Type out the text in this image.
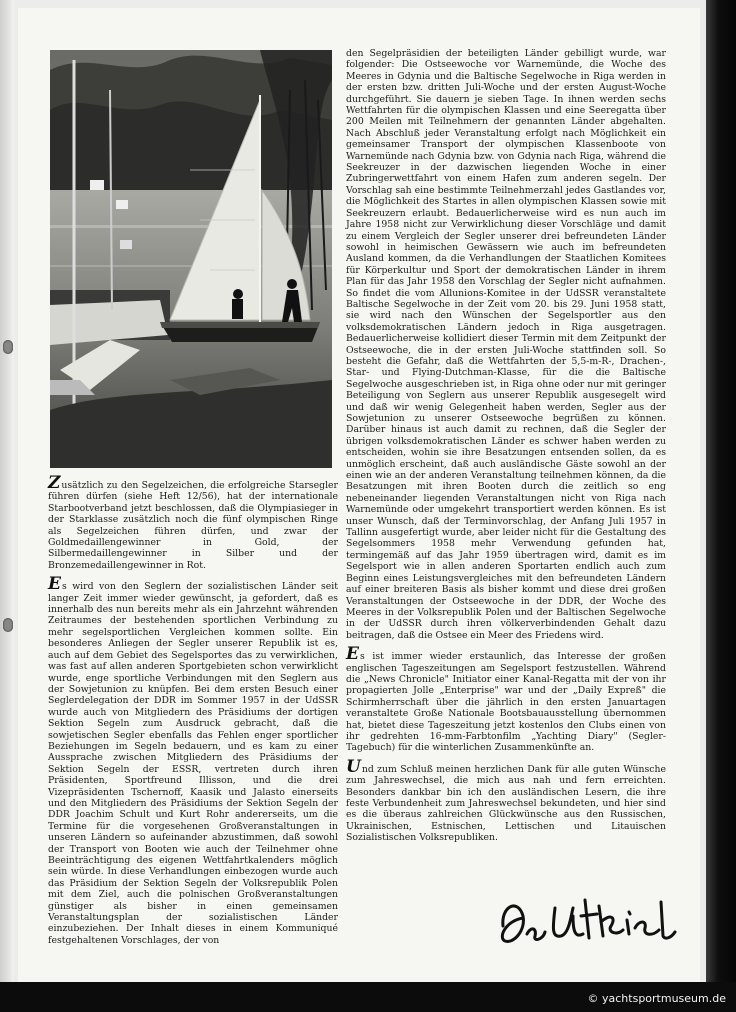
Zusätzlich zu den Segelzeichen, die erfolgreiche Starsegler führen dürfen (siehe Heft 12/56), hat der internationale Starbootverband jetzt beschlossen, daß die Olympiasieger in der Starklasse zusätzlich noch die fünf olympischen Ringe als Segelzeichen führen dürfen, und zwar der Goldmedaillengewinner in Gold, der Silbermedaillengewinner in Silber und der Bronzemedaillengewinner in Rot.

Es wird von den Seglern der sozialistischen Länder seit langer Zeit immer wieder gewünscht, ja gefordert, daß es innerhalb des nun bereits mehr als ein Jahrzehnt währenden Zeitraumes der bestehenden sportlichen Verbindung zu mehr segelsportlichen Vergleichen kommen sollte. Ein besonderes Anliegen der Segler unserer Republik ist es, auch auf dem Gebiet des Segelsportes das zu verwirklichen, was fast auf allen anderen Sportgebieten schon verwirklicht wurde, enge sportliche Verbindungen mit den Seglern aus der Sowjetunion zu knüpfen. Bei dem ersten Besuch einer Seglerdelegation der DDR im Sommer 1957 in der UdSSR wurde auch von Mitgliedern des Präsidiums der dortigen Sektion Segeln zum Ausdruck gebracht, daß die sowjetischen Segler ebenfalls das Fehlen enger sportlicher Beziehungen im Segeln bedauern, und es kam zu einer Aussprache zwischen Mitgliedern des Präsidiums der Sektion Segeln der ESSR, vertreten durch ihren Präsidenten, Sportfreund Illisson, und die drei Vizepräsidenten Tschernoff, Kaasik und Jalasto einerseits und den Mitgliedern des Präsidiums der Sektion Segeln der DDR Joachim Schult und Kurt Rohr andererseits, um die Termine für die vorgesehenen Großveranstaltungen in unseren Ländern so aufeinander abzustimmen, daß sowohl der Transport von Booten wie auch der Teilnehmer ohne Beeinträchtigung des eigenen Wettfahrtkalenders möglich sein würde. In diese Verhandlungen einbezogen wurde auch das Präsidium der Sektion Segeln der Volksrepublik Polen mit dem Ziel, auch die polnischen Großveranstaltungen günstiger als bisher in einen gemeinsamen Veranstaltungsplan der sozialistischen Länder einzubeziehen. Der Inhalt dieses in einem Kommuniqué festgehaltenen Vorschlages, der von

den Segelpräsidien der beteiligten Länder gebilligt wurde, war folgender: Die Ostseewoche vor Warnemünde, die Woche des Meeres in Gdynia und die Baltische Segelwoche in Riga werden in der ersten bzw. dritten Juli-Woche und der ersten August-Woche durchgeführt. Sie dauern je sieben Tage. In ihnen werden sechs Wettfahrten für die olympischen Klassen und eine Seeregatta über 200 Meilen mit Teilnehmern der genannten Länder abgehalten. Nach Abschluß jeder Veranstaltung erfolgt nach Möglichkeit ein gemeinsamer Transport der olympischen Klassenboote von Warnemünde nach Gdynia bzw. von Gdynia nach Riga, während die Seekreuzer in der dazwischen liegenden Woche in einer Zubringerwettfahrt von einem Hafen zum anderen segeln. Der Vorschlag sah eine bestimmte Teilnehmerzahl jedes Gastlandes vor, die Möglichkeit des Startes in allen olympischen Klassen sowie mit Seekreuzern erlaubt. Bedauerlicherweise wird es nun auch im Jahre 1958 nicht zur Verwirklichung dieser Vorschläge und damit zu einem Vergleich der Segler unserer drei befreundeten Länder sowohl in heimischen Gewässern wie auch im befreundeten Ausland kommen, da die Verhandlungen der Staatlichen Komitees für Körperkultur und Sport der demokratischen Länder in ihrem Plan für das Jahr 1958 den Vorschlag der Segler nicht aufnahmen. So findet die vom Allunions-Komitee in der UdSSR veranstaltete Baltische Segelwoche in der Zeit vom 20. bis 29. Juni 1958 statt, sie wird nach den Wünschen der Segelsportler aus den volksdemokratischen Ländern jedoch in Riga ausgetragen. Bedauerlicherweise kollidiert dieser Termin mit dem Zeitpunkt der Ostseewoche, die in der ersten Juli-Woche stattfinden soll. So besteht die Gefahr, daß die Wettfahrten der 5,5-m-R-, Drachen-, Star- und Flying-Dutchman-Klasse, für die die Baltische Segelwoche ausgeschrieben ist, in Riga ohne oder nur mit geringer Beteiligung von Seglern aus unserer Republik ausgesegelt wird und daß wir wenig Gelegenheit haben werden, Segler aus der Sowjetunion zu unserer Ostseewoche begrüßen zu können. Darüber hinaus ist auch damit zu rechnen, daß die Segler der übrigen volksdemokratischen Länder es schwer haben werden zu entscheiden, wohin sie ihre Besatzungen entsenden sollen, da es unmöglich erscheint, daß auch ausländische Gäste sowohl an der einen wie an der anderen Veranstaltung teilnehmen können, da die Besatzungen mit ihren Booten durch die zeitlich so eng nebeneinander liegenden Veranstaltungen nicht von Riga nach Warnemünde oder umgekehrt transportiert werden können. Es ist unser Wunsch, daß der Terminvorschlag, der Anfang Juli 1957 in Tallinn ausgefertigt wurde, aber leider nicht für die Gestaltung des Segelsommers 1958 mehr Verwendung gefunden hat, termingemäß auf das Jahr 1959 übertragen wird, damit es im Segelsport wie in allen anderen Sportarten endlich auch zum Beginn eines Leistungsvergleiches mit den befreundeten Ländern auf einer breiteren Basis als bisher kommt und diese drei großen Veranstaltungen der Ostseewoche in der DDR, der Woche des Meeres in der Volksrepublik Polen und der Baltischen Segelwoche in der UdSSR durch ihren völkerverbindenden Gehalt dazu beitragen, daß die Ostsee ein Meer des Friedens wird.

Es ist immer wieder erstaunlich, das Interesse der großen englischen Tageszeitungen am Segelsport festzustellen. Während die „News Chronicle" Initiator einer Kanal-Regatta mit der von ihr propagierten Jolle „Enterprise" war und der „Daily Expreß" die Schirmherrschaft über die jährlich in den ersten Januartagen veranstaltete Große Nationale Bootsbauausstellung übernommen hat, bietet diese Tageszeitung jetzt kostenlos den Clubs einen von ihr gedrehten 16-mm-Farbtonfilm „Yachting Diary" (Segler-Tagebuch) für die winterlichen Zusammenkünfte an.

Und zum Schluß meinen herzlichen Dank für alle guten Wünsche zum Jahreswechsel, die mich aus nah und fern erreichten. Besonders dankbar bin ich den ausländischen Lesern, die ihre feste Verbundenheit zum Jahreswechsel bekundeten, und hier sind es die überaus zahlreichen Glückwünsche aus den Russischen, Ukrainischen, Estnischen, Lettischen und Litauischen Sozialistischen Volksrepubliken.

© yachtsportmuseum.de
